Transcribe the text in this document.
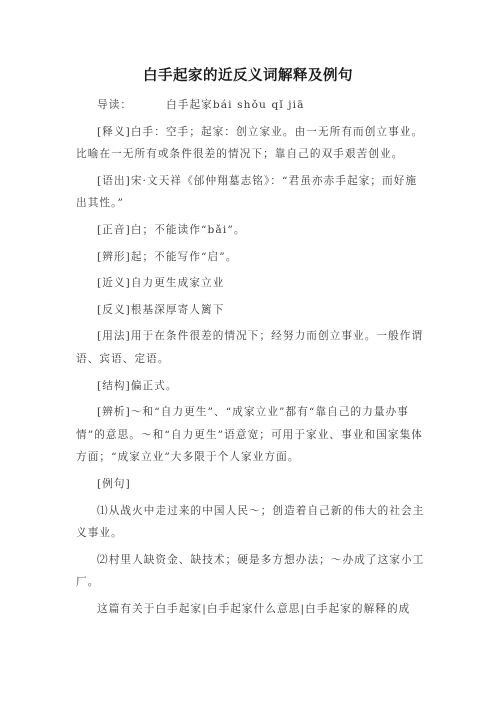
白手起家的近反义词解释及例句

导读：	白手起家bái shǒu qǐ jiā

[释义]白手：空手；起家：创立家业。由一无所有而创立事业。比喻在一无所有或条件很差的情况下；靠自己的双手艰苦创业。

[语出]宋·文天祥《邰仲翔墓志铭》：“君虽亦赤手起家；而好施出其性。”

[正音]白；不能读作“bǎi”。

[辨形]起；不能写作“启”。

[近义]自力更生成家立业

[反义]根基深厚寄人篱下

[用法]用于在条件很差的情况下；经努力而创立事业。一般作谓语、宾语、定语。

[结构]偏正式。

[辨析]～和“自力更生”、“成家立业”都有“靠自己的力量办事情”的意思。～和“自力更生”语意宽；可用于家业、事业和国家集体方面；“成家立业”大多限于个人家业方面。

[例句]

⑴从战火中走过来的中国人民～；创造着自己新的伟大的社会主义事业。

⑵村里人缺资金、缺技术；硬是多方想办法；～办成了这家小工厂。

这篇有关于白手起家|白手起家什么意思|白手起家的解释的成
